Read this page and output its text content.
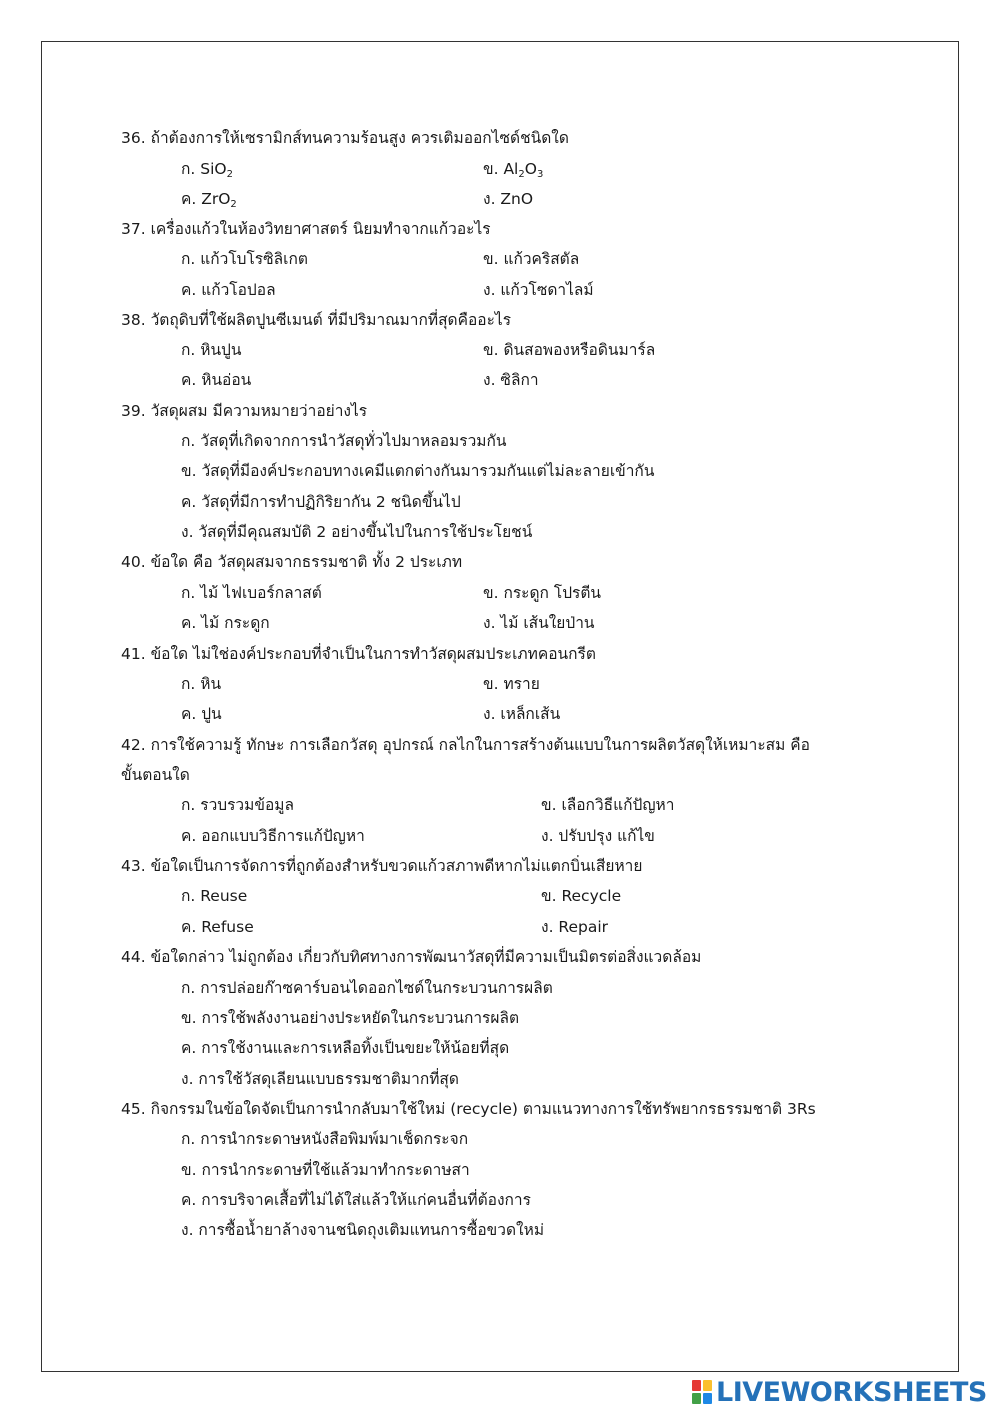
36. ถ้าต้องการให้เซรามิกส์ทนความร้อนสูง ควรเติมออกไซด์ชนิดใด
ก. SiO$_2$	ข. $Al_2O_3$
ค. ZrO$_2$	ง. ZnO
37. เครื่องแก้วในห้องวิทยาศาสตร์ นิยมทำจากแก้วอะไร
ก. แก้วโบโรซิลิเกต	ข. แก้วคริสตัล
ค. แก้วโอปอล	ง. แก้วโซดาไลม์
38. วัตถุดิบที่ใช้ผลิตปูนซีเมนต์ ที่มีปริมาณมากที่สุดคืออะไร
ก. หินปูน	ข. ดินสอพองหรือดินมาร์ล
ค. หินอ่อน	ง. ซิลิกา
39. วัสดุผสม มีความหมายว่าอย่างไร
ก. วัสดุที่เกิดจากการนำวัสดุทั่วไปมาหลอมรวมกัน
ข. วัสดุที่มีองค์ประกอบทางเคมีแตกต่างกันมารวมกันแต่ไม่ละลายเข้ากัน
ค. วัสดุที่มีการทำปฏิกิริยากัน 2 ชนิดขึ้นไป
ง. วัสดุที่มีคุณสมบัติ 2 อย่างขึ้นไปในการใช้ประโยชน์
40. ข้อใด คือ วัสดุผสมจากธรรมชาติ ทั้ง 2 ประเภท
ก. ไม้ ไฟเบอร์กลาสต์	ข. กระดูก โปรตีน
ค. ไม้ กระดูก	ง. ไม้ เส้นใยป่าน
41. ข้อใด ไม่ใช่องค์ประกอบที่จำเป็นในการทำวัสดุผสมประเภทคอนกรีต
ก. หิน	ข. ทราย
ค. ปูน	ง. เหล็กเส้น
42. การใช้ความรู้ ทักษะ การเลือกวัสดุ อุปกรณ์ กลไกในการสร้างต้นแบบในการผลิตวัสดุให้เหมาะสม คือ
ขั้นตอนใด
ก. รวบรวมข้อมูล	ข. เลือกวิธีแก้ปัญหา
ค. ออกแบบวิธีการแก้ปัญหา	ง. ปรับปรุง แก้ไข
43. ข้อใดเป็นการจัดการที่ถูกต้องสำหรับขวดแก้วสภาพดีหากไม่แตกบิ่นเสียหาย
ก. Reuse	ข. Recycle
ค. Refuse	ง. Repair
44. ข้อใดกล่าว ไม่ถูกต้อง เกี่ยวกับทิศทางการพัฒนาวัสดุที่มีความเป็นมิตรต่อสิ่งแวดล้อม
ก. การปล่อยก๊าซคาร์บอนไดออกไซด์ในกระบวนการผลิต
ข. การใช้พลังงานอย่างประหยัดในกระบวนการผลิต
ค. การใช้งานและการเหลือทิ้งเป็นขยะให้น้อยที่สุด
ง. การใช้วัสดุเลียนแบบธรรมชาติมากที่สุด
45. กิจกรรมในข้อใดจัดเป็นการนำกลับมาใช้ใหม่ (recycle) ตามแนวทางการใช้ทรัพยากรธรรมชาติ 3Rs
ก. การนำกระดาษหนังสือพิมพ์มาเช็ดกระจก
ข. การนำกระดาษที่ใช้แล้วมาทำกระดาษสา
ค. การบริจาคเสื้อที่ไม่ได้ใส่แล้วให้แก่คนอื่นที่ต้องการ
ง. การซื้อน้ำยาล้างจานชนิดถุงเติมแทนการซื้อขวดใหม่
LIVEWORKSHEETS
